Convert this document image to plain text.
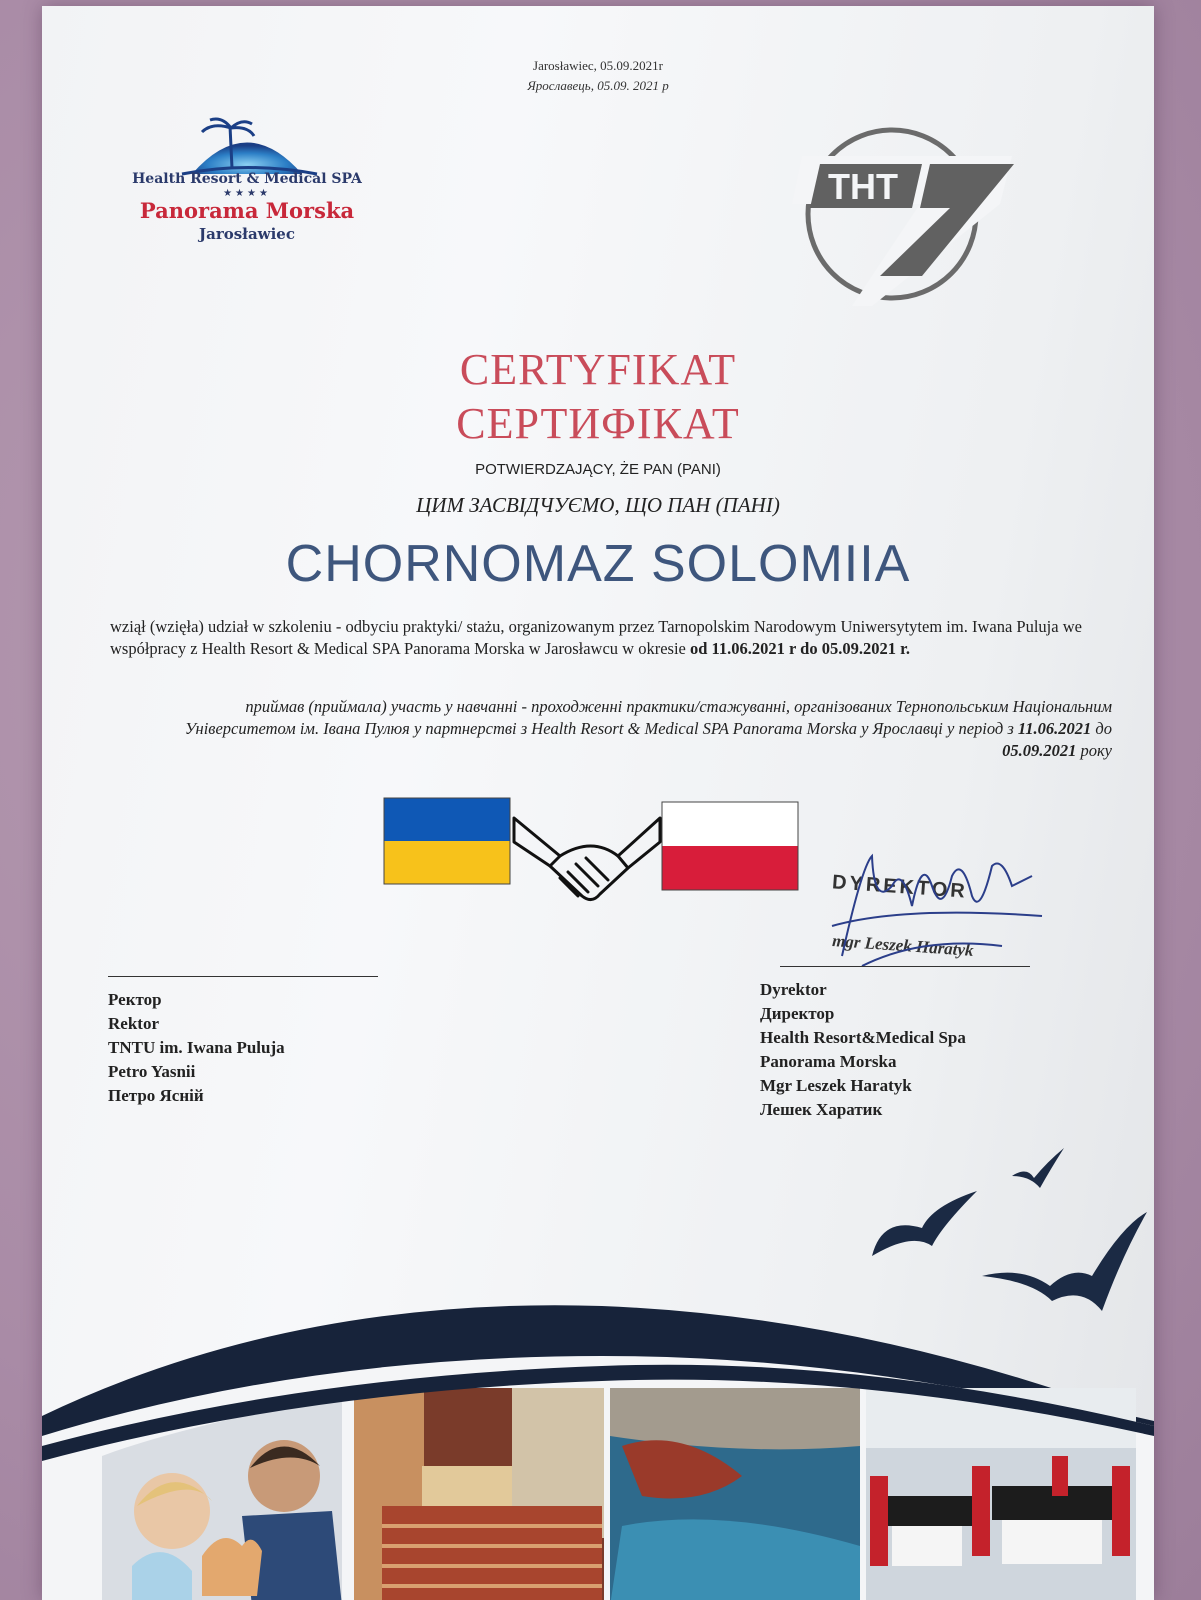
Jarosławiec, 05.09.2021r
Ярославець, 05.09. 2021 р
Health Resort & Medical SPA
★★★★
Panorama Morska
Jarosławiec
ТНТ
CERTYFIKAT
СЕРТИФІКАТ
POTWIERDZAJĄCY, ŻE PAN (PANI)
ЦИМ ЗАСВІДЧУЄМО, ЩО ПАН (ПАНІ)
CHORNOMAZ SOLOMIIA
wziął (wzięła) udział w szkoleniu - odbyciu praktyki/ stażu, organizowanym przez Tarnopolskim Narodowym Uniwersytytem im. Iwana Puluja we współpracy z Health Resort & Medical SPA Panorama Morska w Jarosławcu w okresie od 11.06.2021 r do 05.09.2021 r.
приймав (приймала) участь у навчанні - проходженні практики/стажуванні, організованих Тернопольським Національним Університетом ім. Івана Пулюя у партнерстві з Health Resort & Medical SPA Panorama Morska у Ярославці у період з 11.06.2021 до 05.09.2021 року
DYREKTOR
mgr Leszek Haratyk
Ректор
Rektor
TNTU im. Iwana Puluja
Petro Yasnii
Петро Ясній
Dyrektor
Директор
Health Resort&Medical Spa
Panorama Morska
Mgr Leszek Haratyk
Лешек Харатик
